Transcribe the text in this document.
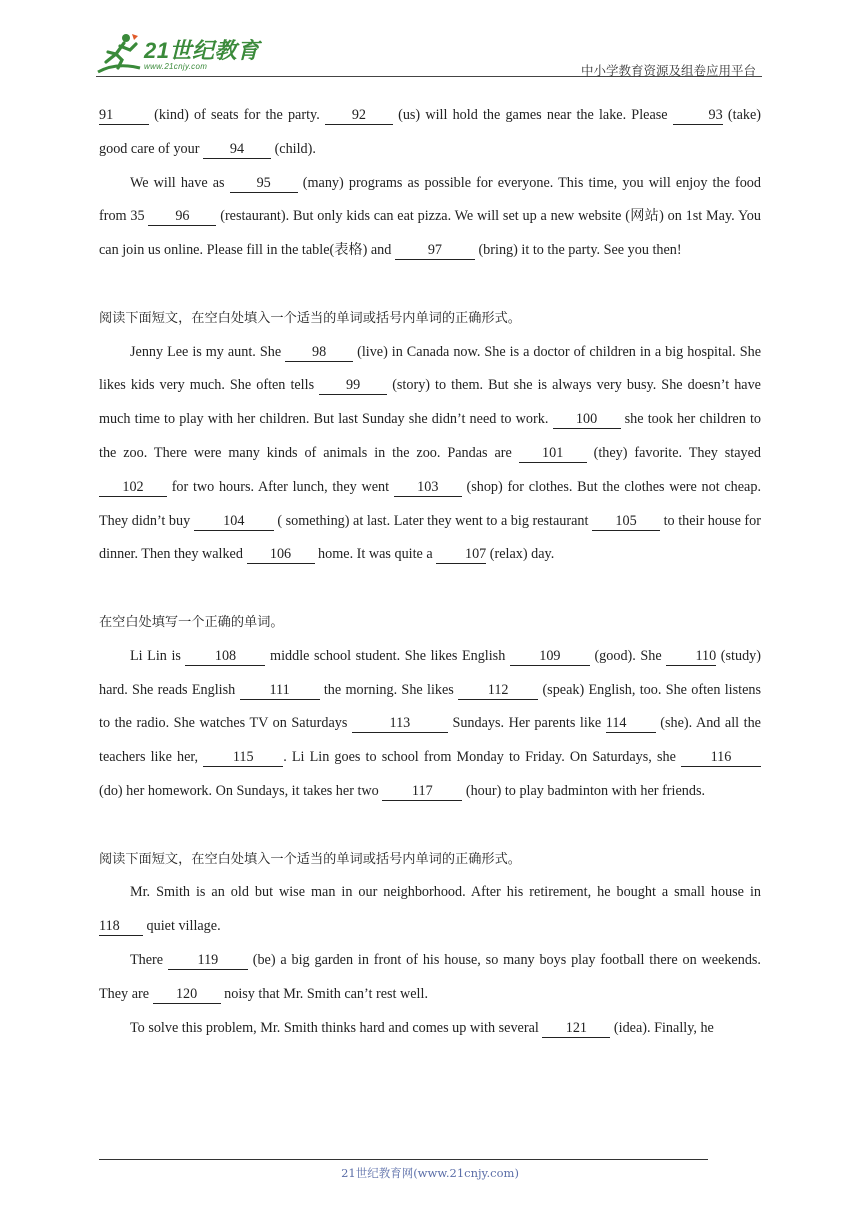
21世纪教育
www.21cnjy.com	中小学教育资源及组卷应用平台

91	(kind) of seats for the party. 92 (us) will hold the games near the lake. Please	93 (take) good care of your 94 (child).

We will have as 95 (many) programs as possible for everyone. This time, you will enjoy the food from 35 96 (restaurant). But only kids can eat pizza. We will set up a new website (网站) on 1st May. You can join us online. Please fill in the table(表格) and 97 (bring) it to the party. See you then!

阅读下面短文，在空白处填入一个适当的单词或括号内单词的正确形式。

Jenny Lee is my aunt. She 98 (live) in Canada now. She is a doctor of children in a big hospital. She likes kids very much. She often tells 99 (story) to them. But she is always very busy. She doesn’t have much time to play with her children. But last Sunday she didn’t need to work. 100 she took her children to the zoo. There were many kinds of animals in the zoo. Pandas are 101 (they) favorite. They stayed 102 for two hours. After lunch, they went 103 (shop) for clothes. But the clothes were not cheap. They didn’t buy 104 ( something) at last. Later they went to a big restaurant 105 to their house for dinner. Then they walked 106 home. It was quite a 107 (relax) day.

在空白处填写一个正确的单词。

Li Lin is 108 middle school student. She likes English 109 (good). She 110 (study) hard. She reads English 111 the morning. She likes 112 (speak) English, too. She often listens to the radio. She watches TV on Saturdays	113	Sundays. Her parents like 114 (she). And all the teachers like her, 115 . Li Lin goes to school from Monday to Friday. On Saturdays, she 116 (do) her homework. On Sundays, it takes her two 117 (hour) to play badminton with her friends.

阅读下面短文，在空白处填入一个适当的单词或括号内单词的正确形式。

Mr. Smith is an old but wise man in our neighborhood. After his retirement, he bought a small house in 118 quiet village.

There 119 (be) a big garden in front of his house, so many boys play football there on weekends. They are 120 noisy that Mr. Smith can’t rest well.

To solve this problem, Mr. Smith thinks hard and comes up with several 121 (idea). Finally, he

21世纪教育网(www.21cnjy.com)
